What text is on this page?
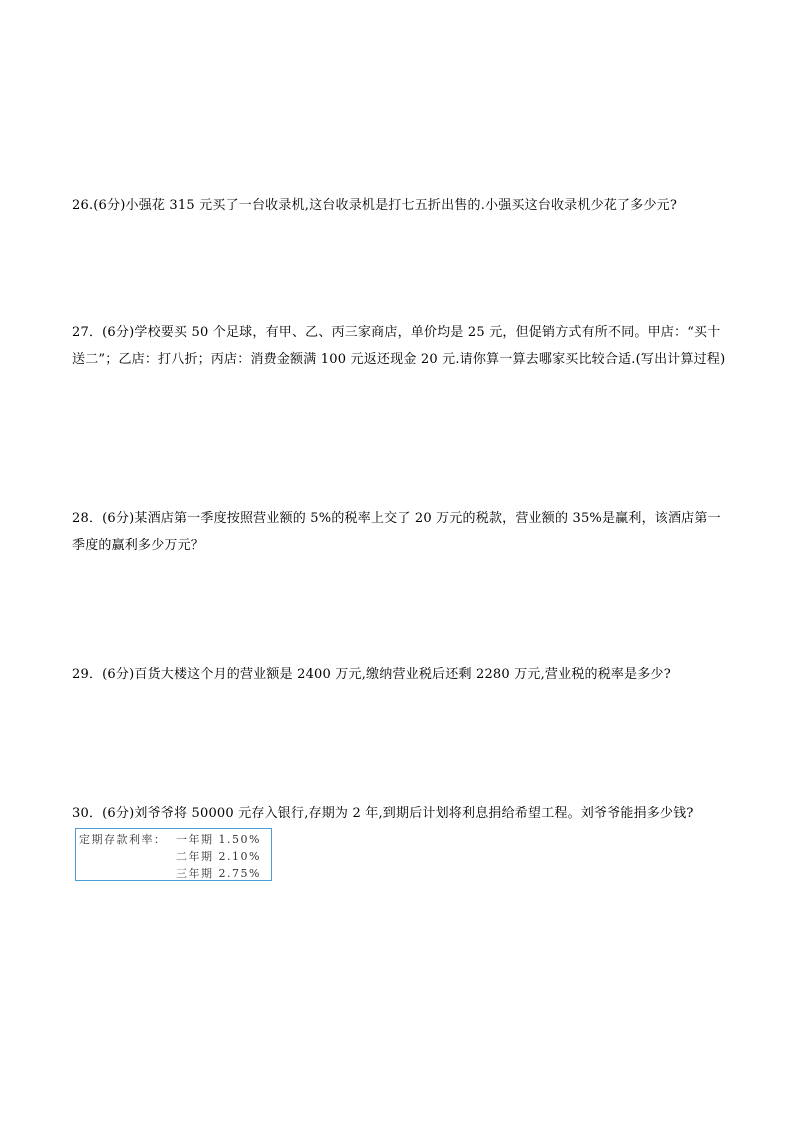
26.(6分)小强花 315 元买了一台收录机,这台收录机是打七五折出售的.小强买这台收录机少花了多少元?

27．(6分)学校要买 50 个足球，有甲、乙、丙三家商店，单价均是 25 元，但促销方式有所不同。甲店：“买十送二”；乙店：打八折；丙店：消费金额满 100 元返还现金 20 元.请你算一算去哪家买比较合适.(写出计算过程)

28．(6分)某酒店第一季度按照营业额的 5%的税率上交了 20 万元的税款，营业额的 35%是赢利，该酒店第一季度的赢利多少万元？

29．(6分)百货大楼这个月的营业额是 2400 万元,缴纳营业税后还剩 2280 万元,营业税的税率是多少?

30．(6分)刘爷爷将 50000 元存入银行,存期为 2 年,到期后计划将利息捐给希望工程。刘爷爷能捐多少钱?

定期存款利率： 一年期 1.50%
二年期 2.10%
三年期 2.75%
